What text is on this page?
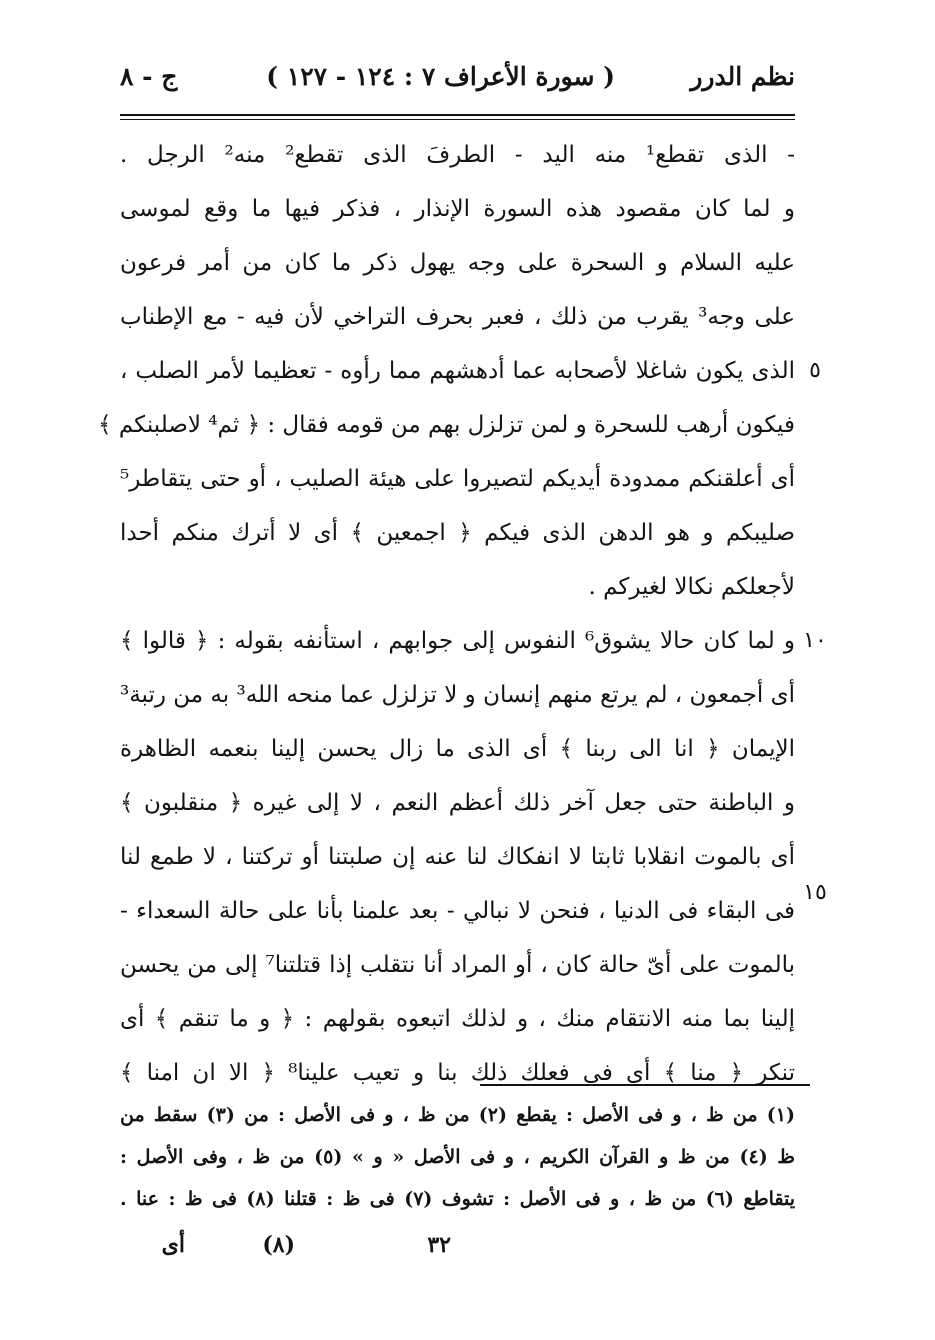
نظم الدرر
( سورة الأعراف ٧ : ١٢٤ - ١٢٧ )
ج - ٨
- الذى تقطع¹ منه اليد - الطرفَ الذى تقطع² منه² الرجل .
و لما كان مقصود هذه السورة الإنذار ، فذكر فيها ما وقع لموسى
عليه السلام و السحرة على وجه يهول ذكر ما كان من أمر فرعون
على وجه³ يقرب من ذلك ، فعبر بحرف التراخي لأن فيه - مع الإطناب
الذى يكون شاغلا لأصحابه عما أدهشهم مما رأوه - تعظيما لأمر الصلب ،
فيكون أرهب للسحرة و لمن تزلزل بهم من قومه فقال : ﴿ ثم⁴ لاصلبنكم ﴾
أى أعلقنكم ممدودة أيديكم لتصيروا على هيئة الصليب ، أو حتى يتقاطر⁵
صليبكم و هو الدهن الذى فيكم ﴿ اجمعين ﴾ أى لا أترك منكم أحدا
لأجعلكم نكالا لغيركم .
و لما كان حالا يشوق⁶ النفوس إلى جوابهم ، استأنفه بقوله : ﴿ قالوا ﴾
أى أجمعون ، لم يرتع منهم إنسان و لا تزلزل عما منحه الله³ به من رتبة³
الإيمان ﴿ انا الى ربنا ﴾ أى الذى ما زال يحسن إلينا بنعمه الظاهرة
و الباطنة حتى جعل آخر ذلك أعظم النعم ، لا إلى غيره ﴿ منقلبون ﴾
أى بالموت انقلابا ثابتا لا انفكاك لنا عنه إن صلبتنا أو تركتنا ، لا طمع لنا
فى البقاء فى الدنيا ، فنحن لا نبالي - بعد علمنا بأنا على حالة السعداء -
بالموت على أىّ حالة كان ، أو المراد أنا نتقلب إذا قتلتنا⁷ إلى من يحسن
إلينا بما منه الانتقام منك ، و لذلك اتبعوه بقولهم : ﴿ و ما تنقم ﴾ أى
تنكر ﴿ منا ﴾ أى فى فعلك ذلك بنا و تعيب علينا⁸ ﴿ الا ان امنا ﴾
٥
١٠
١٥
(١) من ظ ، و فى الأصل : يقطع (٢) من ظ ، و فى الأصل : من (٣) سقط من
ظ (٤) من ظ و القرآن الكريم ، و فى الأصل « و » (٥) من ظ ، وفى الأصل :
يتقاطع (٦) من ظ ، و فى الأصل : تشوف (٧) فى ظ : قتلنا (٨) فى ظ : عنا .
٣٢
(٨)
أى
